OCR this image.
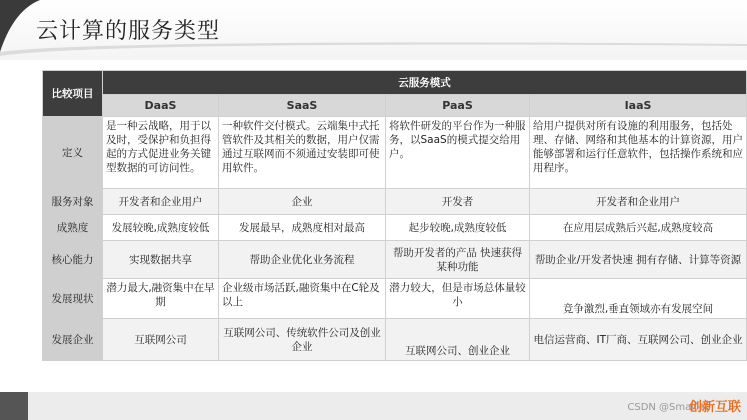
云计算的服务类型
比较项目	云服务模式			
	DaaS	SaaS	PaaS	IaaS
定义	是一种云战略，用于以及时，受保护和负担得起的方式促进业务关键型数据的可访问性。	一种软件交付模式。云端集中式托管软件及其相关的数据，用户仅需通过互联网而不须通过安装即可使用软件。	将软件研发的平台作为一种服务，以SaaS的模式提交给用户。	给用户提供对所有设施的利用服务，包括处理、存储、网络和其他基本的计算资源，用户能够部署和运行任意软件，包括操作系统和应用程序。
服务对象	开发者和企业用户	企业	开发者	开发者和企业用户
成熟度	发展较晚,成熟度较低	发展最早，成熟度相对最高	起步较晚,成熟度较低	在应用层成熟后兴起,成熟度较高
核心能力	实现数据共享	帮助企业优化业务流程	帮助开发者的产品 快速获得某种功能	帮助企业/开发者快速 拥有存储、计算等资源
发展现状	潜力最大,融资集中在早期	企业级市场活跃,融资集中在C轮及以上	潜力较大，但是市场总体量较小	竞争激烈,垂直领域亦有发展空间
发展企业	互联网公司	互联网公司、传统软件公司及创业企业	互联网公司、创业企业	电信运营商、IT厂商、互联网公司、创业企业
CSDN @Small-K
创新互联
